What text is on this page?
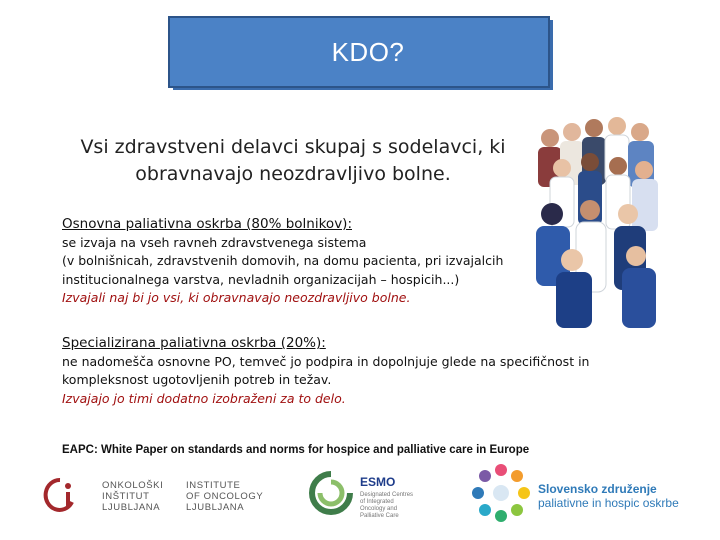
KDO?
Vsi zdravstveni delavci skupaj s sodelavci, ki obravnavajo neozdravljivo bolne.
Osnovna paliativna oskrba (80% bolnikov):
se izvaja na vseh ravneh zdravstvenega sistema
(v bolnišnicah, zdravstvenih domovih, na domu pacienta, pri izvajalcih
institucionalnega varstva, nevladnih organizacijah – hospicih...)
Izvajali naj bi jo vsi, ki obravnavajo neozdravljivo bolne.
Specializirana paliativna oskrba (20%):
ne nadomešča osnovne PO, temveč jo podpira in dopolnjuje glede na specifičnost in
kompleksnost ugotovljenih potreb in težav.
Izvajajo jo timi dodatno izobraženi za to delo.
EAPC: White Paper on standards and norms for hospice and palliative care in Europe
ONKOLOŠKI
INŠTITUT
LJUBLJANA
INSTITUTE
OF ONCOLOGY
LJUBLJANA
ESMO
Designated Centres
of Integrated
Oncology and
Palliative Care
Slovensko združenje
paliativne in hospic oskrbe
